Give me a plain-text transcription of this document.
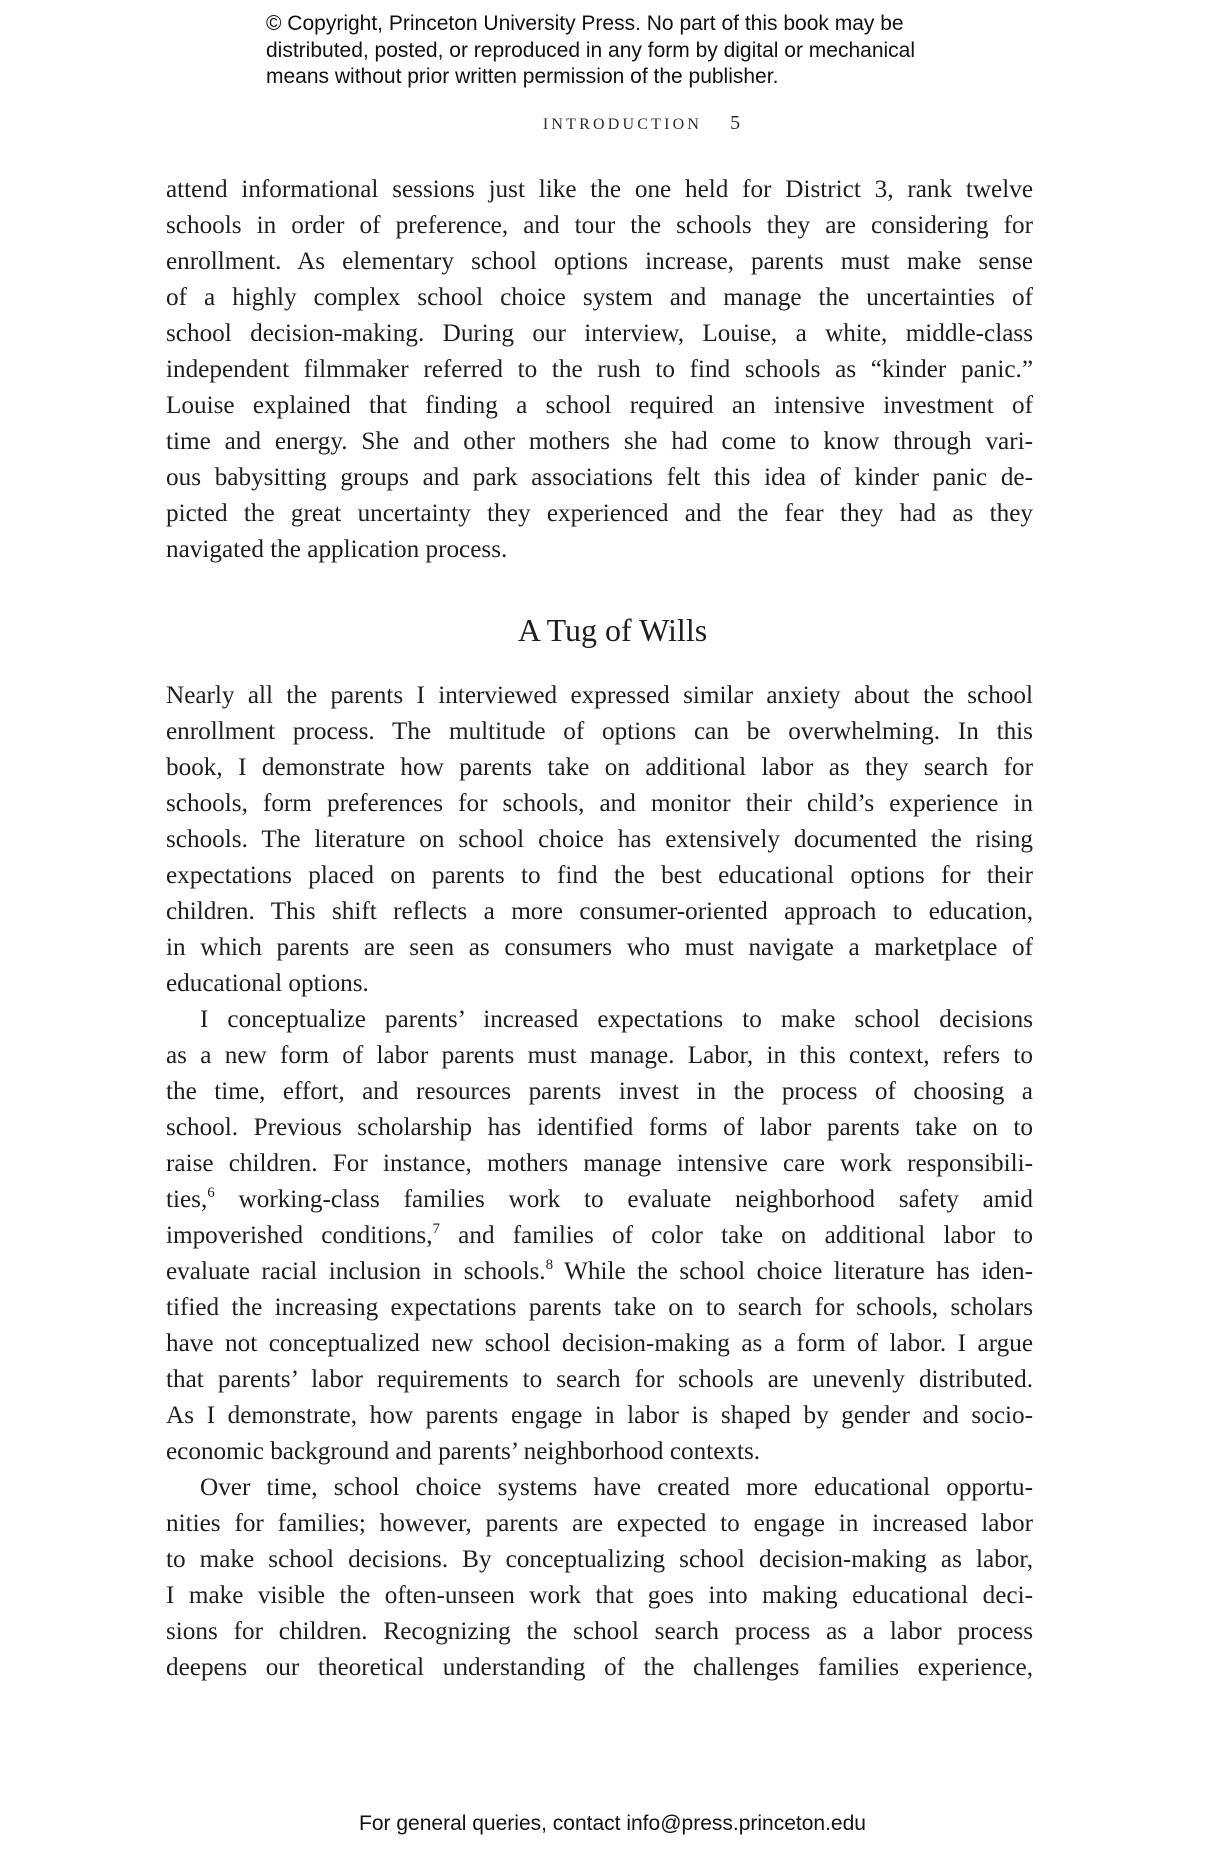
© Copyright, Princeton University Press. No part of this book may be
distributed, posted, or reproduced in any form by digital or mechanical
means without prior written permission of the publisher.
INTRODUCTION 5
attend informational sessions just like the one held for District 3, rank twelve
schools in order of preference, and tour the schools they are considering for
enrollment. As elementary school options increase, parents must make sense
of a highly complex school choice system and manage the uncertainties of
school decision-making. During our interview, Louise, a white, middle-class
independent filmmaker referred to the rush to find schools as “kinder panic.”
Louise explained that finding a school required an intensive investment of
time and energy. She and other mothers she had come to know through vari-
ous babysitting groups and park associations felt this idea of kinder panic de-
picted the great uncertainty they experienced and the fear they had as they
navigated the application process.
A Tug of Wills
Nearly all the parents I interviewed expressed similar anxiety about the school
enrollment process. The multitude of options can be overwhelming. In this
book, I demonstrate how parents take on additional labor as they search for
schools, form preferences for schools, and monitor their child’s experience in
schools. The literature on school choice has extensively documented the rising
expectations placed on parents to find the best educational options for their
children. This shift reflects a more consumer-oriented approach to education,
in which parents are seen as consumers who must navigate a marketplace of
educational options.
I conceptualize parents’ increased expectations to make school decisions
as a new form of labor parents must manage. Labor, in this context, refers to
the time, effort, and resources parents invest in the process of choosing a
school. Previous scholarship has identified forms of labor parents take on to
raise children. For instance, mothers manage intensive care work responsibili-
ties,$^6$ working-class families work to evaluate neighborhood safety amid
impoverished conditions,$^7$ and families of color take on additional labor to
evaluate racial inclusion in schools.$^8$ While the school choice literature has iden-
tified the increasing expectations parents take on to search for schools, scholars
have not conceptualized new school decision-making as a form of labor. I argue
that parents’ labor requirements to search for schools are unevenly distributed.
As I demonstrate, how parents engage in labor is shaped by gender and socio-
economic background and parents’ neighborhood contexts.
Over time, school choice systems have created more educational opportu-
nities for families; however, parents are expected to engage in increased labor
to make school decisions. By conceptualizing school decision-making as labor,
I make visible the often-unseen work that goes into making educational deci-
sions for children. Recognizing the school search process as a labor process
deepens our theoretical understanding of the challenges families experience,
For general queries, contact info@press.princeton.edu
